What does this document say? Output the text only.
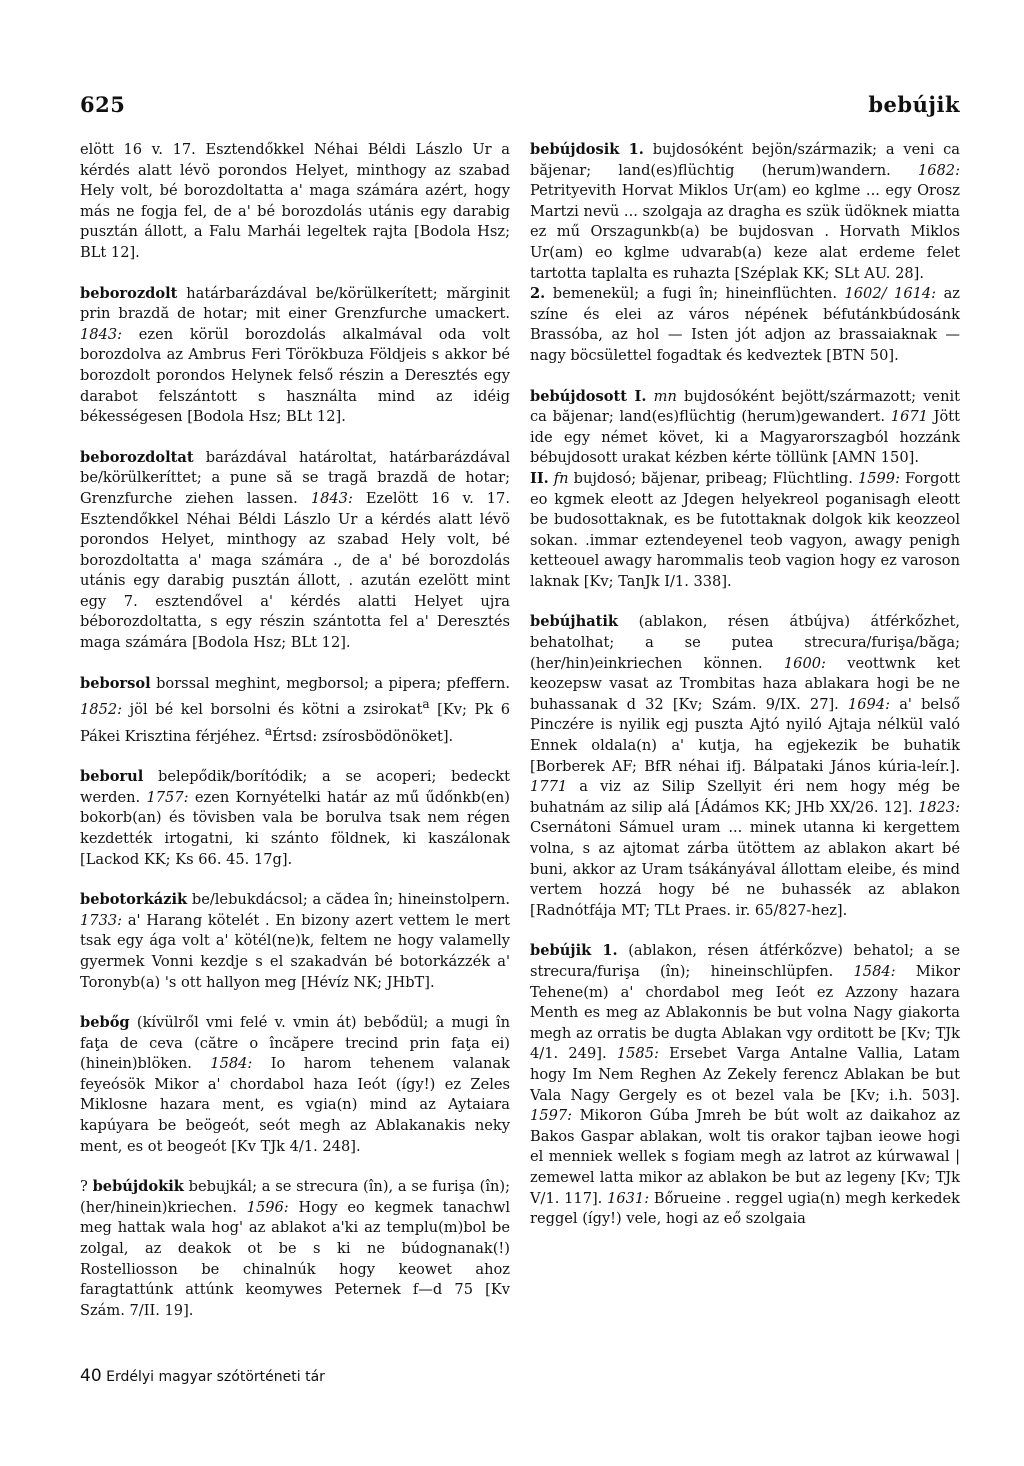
625	bebújik

elött 16 v. 17. Esztendőkkel Néhai Béldi Lászlo Ur a kérdés alatt lévö porondos Helyet, minthogy az szabad Hely volt, bé borozdoltatta a' maga számára azért, hogy más ne fogja fel, de a' bé borozdolás utánis egy darabig pusztán állott, a Falu Marhái legeltek rajta [Bodola Hsz; BLt 12].

beborozdolt határbarázdával be/körülkerített; mărginit prin brazdă de hotar; mit einer Grenzfurche umackert. 1843: ezen körül borozdolás alkalmával oda volt borozdolva az Ambrus Feri Törökbuza Földjeis s akkor bé borozdolt porondos Helynek felső részin a Deresztés egy darabot felszántott s használta mind az idéig békességesen [Bodola Hsz; BLt 12].

beborozdoltat barázdával határoltat, határbarázdával be/körülkeríttet; a pune să se tragă brazdă de hotar; Grenzfurche ziehen lassen. 1843: Ezelött 16 v. 17. Esztendőkkel Néhai Béldi Lászlo Ur a kérdés alatt lévö porondos Helyet, minthogy az szabad Hely volt, bé borozdoltatta a' maga számára ., de a' bé borozdolás utánis egy darabig pusztán állott, . azután ezelött mint egy 7. esztendővel a' kérdés alatti Helyet ujra béborozdoltatta, s egy részin szántotta fel a' Deresztés maga számára [Bodola Hsz; BLt 12].

beborsol borssal meghint, megborsol; a pipera; pfeffern. 1852: jöl bé kel borsolni és kötni a zsirokat$^a$ [Kv; Pk 6 Pákei Krisztina férjéhez. $^a$Értsd: zsírosbödönöket].

beborul belepődik/borítódik; a se acoperi; bedeckt werden. 1757: ezen Kornyételki határ az mű űdőnkb(en) bokorb(an) és tövisben vala be borulva tsak nem régen kezdették irtogatni, ki szánto földnek, ki kaszálonak [Lackod KK; Ks 66. 45. 17g].

bebotorkázik be/lebukdácsol; a cădea în; hineinstolpern. 1733: a' Harang kötelét . En bizony azert vettem le mert tsak egy ága volt a' kötél(ne)k, feltem ne hogy valamelly gyermek Vonni kezdje s el szakadván bé botorkázzék a' Toronyb(a) 's ott hallyon meg [Hévíz NK; JHbT].

bebőg (kívülről vmi felé v. vmin át) bebődül; a mugi în faţa de ceva (către o încăpere trecind prin faţa ei) (hinein)blöken. 1584: Io harom tehenem valanak feyeósök Mikor a' chordabol haza Ieót (így!) ez Zeles Miklosne hazara ment, es vgia(n) mind az Aytaiara kapúyara be beögeót, seót megh az Ablakanakis neky ment, es ot beogeót [Kv TJk 4/1. 248].

? bebújdokik bebujkál; a se strecura (în), a se furişa (în); (her/hinein)kriechen. 1596: Hogy eo kegmek tanachwl meg hattak wala hog' az ablakot a'ki az templu(m)bol be zolgal, az deakok ot be s ki ne búdognanak(!) Rostelliosson be chinalnúk hogy keowet ahoz faragtattúnk attúnk keomywes Peternek f—d 75 [Kv Szám. 7/II. 19].

bebújdosik 1. bujdosóként bejön/származik; a veni ca băjenar; land(es)flüchtig (herum)wandern. 1682: Petrityevith Horvat Miklos Ur(am) eo kglme ... egy Orosz Martzi nevü ... szolgaja az dragha es szük üdöknek miatta ez mű Orszagunkb(a) be bujdosvan . Horvath Miklos Ur(am) eo kglme udvarab(a) keze alat erdeme felet tartotta taplalta es ruhazta [Széplak KK; SLt AU. 28].

2. bemenekül; a fugi în; hineinflüchten. 1602/ 1614: az színe és elei az város népének béfutánkbúdosánk Brassóba, az hol — Isten jót adjon az brassaiaknak — nagy böcsülettel fogadtak és kedveztek [BTN 50].

bebújdosott I. mn bujdosóként bejött/származott; venit ca băjenar; land(es)flüchtig (herum)gewandert. 1671 Jött ide egy német követ, ki a Magyarorszagból hozzánk bébujdosott urakat kézben kérte töllünk [AMN 150].

II. fn bujdosó; băjenar, pribeag; Flüchtling. 1599: Forgott eo kgmek eleott az Jdegen helyekreol poganisagh eleott be budosottaknak, es be futottaknak dolgok kik keozzeol sokan. .immar eztendeyenel teob vagyon, awagy penigh ketteouel awagy harommalis teob vagion hogy ez varoson laknak [Kv; TanJk I/1. 338].

bebújhatik (ablakon, résen átbújva) átférkőzhet, behatolhat; a se putea strecura/furişa/băga; (her/hin)einkriechen können. 1600: veottwnk ket keozepsw vasat az Trombitas haza ablakara hogi be ne buhassanak d 32 [Kv; Szám. 9/IX. 27]. 1694: a' belső Pinczére is nyilik egj puszta Ajtó nyiló Ajtaja nélkül való Ennek oldala(n) a' kutja, ha egjekezik be buhatik [Borberek AF; BfR néhai ifj. Bálpataki János kúria-leír.]. 1771 a viz az Silip Szellyit éri nem hogy még be buhatnám az silip alá [Ádámos KK; JHb XX/26. 12]. 1823: Csernátoni Sámuel uram ... minek utanna ki kergettem volna, s az ajtomat zárba ütöttem az ablakon akart bé buni, akkor az Uram tsákányával állottam eleibe, és mind vertem hozzá hogy bé ne buhassék az ablakon [Radnótfája MT; TLt Praes. ir. 65/827-hez].

bebújik 1. (ablakon, résen átférkőzve) behatol; a se strecura/furişa (în); hineinschlüpfen. 1584: Mikor Tehene(m) a' chordabol meg Ieót ez Azzony hazara Menth es meg az Ablakonnis be but volna Nagy giakorta megh az orratis be dugta Ablakan vgy orditott be [Kv; TJk 4/1. 249]. 1585: Ersebet Varga Antalne Vallia, Latam hogy Im Nem Reghen Az Zekely ferencz Ablakan be but Vala Nagy Gergely es ot bezel vala be [Kv; i.h. 503]. 1597: Mikoron Gúba Jmreh be bút wolt az daikahoz az Bakos Gaspar ablakan, wolt tis orakor tajban ieowe hogi el menniek wellek s fogiam megh az latrot az kúrwawal | zemewel latta mikor az ablakon be but az legeny [Kv; TJk V/1. 117]. 1631: Bőrueine . reggel ugia(n) megh kerkedek reggel (így!) vele, hogi az eő szolgaia

40 Erdélyi magyar szótörténeti tár
